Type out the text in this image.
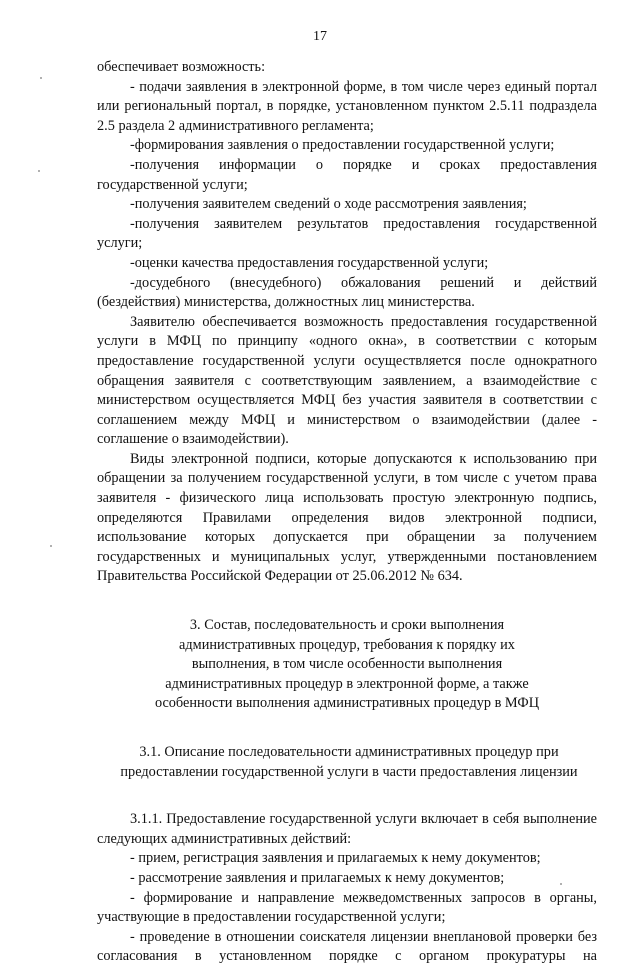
17

обеспечивает возможность:

- подачи заявления в электронной форме, в том числе через единый портал или региональный портал, в порядке, установленном пунктом 2.5.11 подраздела 2.5 раздела 2 административного регламента;

-формирования заявления о предоставлении государственной услуги;

-получения информации о порядке и сроках предоставления государственной услуги;

-получения заявителем сведений о ходе рассмотрения заявления;

-получения заявителем результатов предоставления государственной услуги;

-оценки качества предоставления государственной услуги;

-досудебного (внесудебного) обжалования решений и действий (бездействия) министерства, должностных лиц министерства.

Заявителю обеспечивается возможность предоставления государственной услуги в МФЦ по принципу «одного окна», в соответствии с которым предоставление государственной услуги осуществляется после однократного обращения заявителя с соответствующим заявлением, а взаимодействие с министерством осуществляется МФЦ без участия заявителя в соответствии с соглашением между МФЦ и министерством о взаимодействии (далее - соглашение о взаимодействии).

Виды электронной подписи, которые допускаются к использованию при обращении за получением государственной услуги, в том числе с учетом права заявителя - физического лица использовать простую электронную подпись, определяются Правилами определения видов электронной подписи, использование которых допускается при обращении за получением государственных и муниципальных услуг, утвержденными постановлением Правительства Российской Федерации от 25.06.2012 № 634.

3. Состав, последовательность и сроки выполнения
административных процедур, требования к порядку их
выполнения, в том числе особенности выполнения
административных процедур в электронной форме, а также
особенности выполнения административных процедур в МФЦ
3.1. Описание последовательности административных процедур при
предоставлении государственной услуги в части предоставления лицензии

3.1.1. Предоставление государственной услуги включает в себя выполнение следующих административных действий:

- прием, регистрация заявления и прилагаемых к нему документов;

- рассмотрение заявления и прилагаемых к нему документов;

- формирование и направление межведомственных запросов в органы, участвующие в предоставлении государственной услуги;

- проведение в отношении соискателя лицензии внеплановой проверки без согласования в установленном порядке с органом прокуратуры на
